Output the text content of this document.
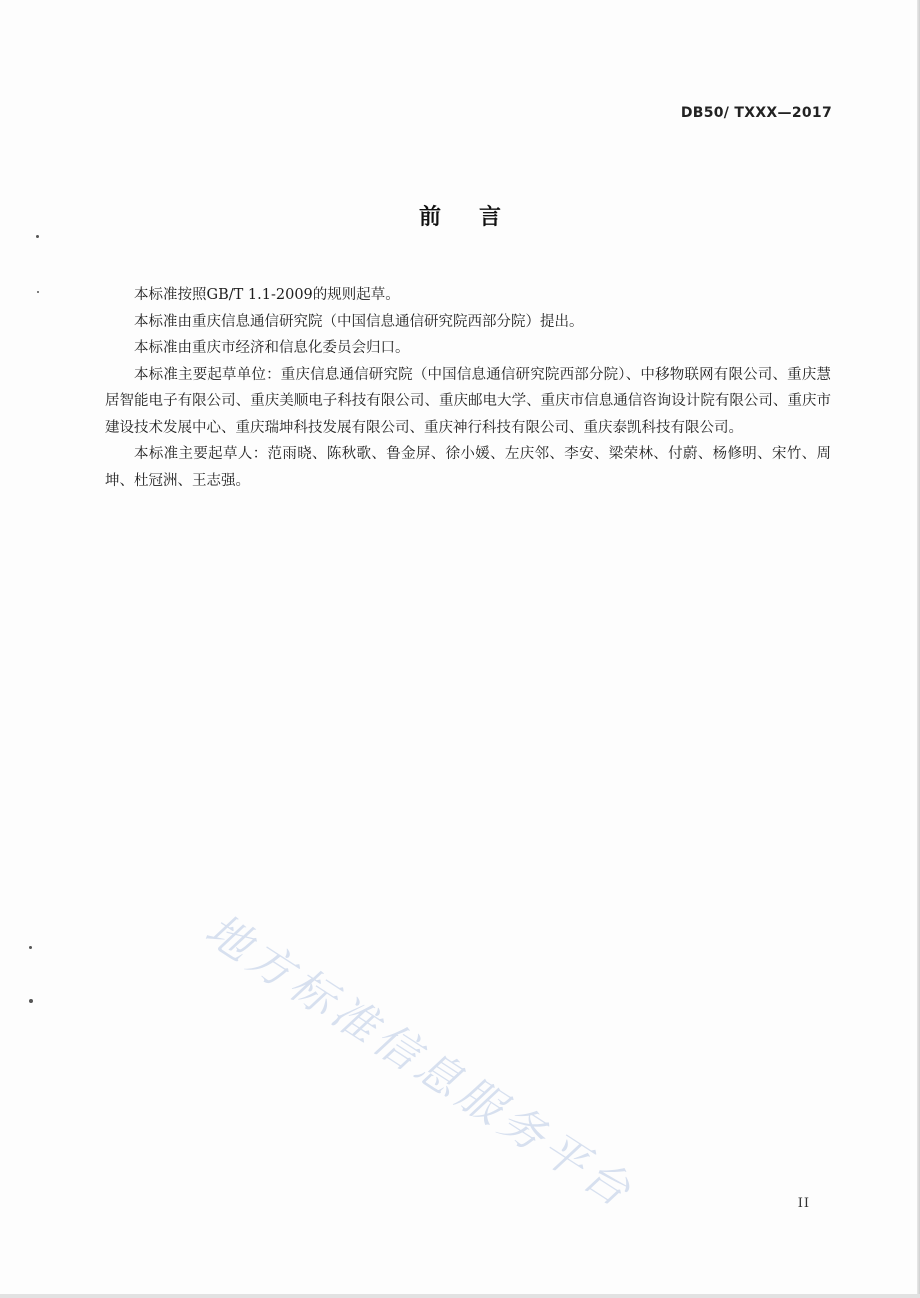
DB50/ TXXX—2017
前言

本标准按照GB/T 1.1-2009的规则起草。

本标准由重庆信息通信研究院（中国信息通信研究院西部分院）提出。

本标准由重庆市经济和信息化委员会归口。

本标准主要起草单位：重庆信息通信研究院（中国信息通信研究院西部分院）、中移物联网有限公司、重庆慧居智能电子有限公司、重庆美顺电子科技有限公司、重庆邮电大学、重庆市信息通信咨询设计院有限公司、重庆市建设技术发展中心、重庆瑞坤科技发展有限公司、重庆神行科技有限公司、重庆泰凯科技有限公司。

本标准主要起草人：范雨晓、陈秋歌、鲁金屏、徐小媛、左庆邻、李安、梁荣林、付蔚、杨修明、宋竹、周坤、杜冠洲、王志强。

地方标准信息服务平台	II
